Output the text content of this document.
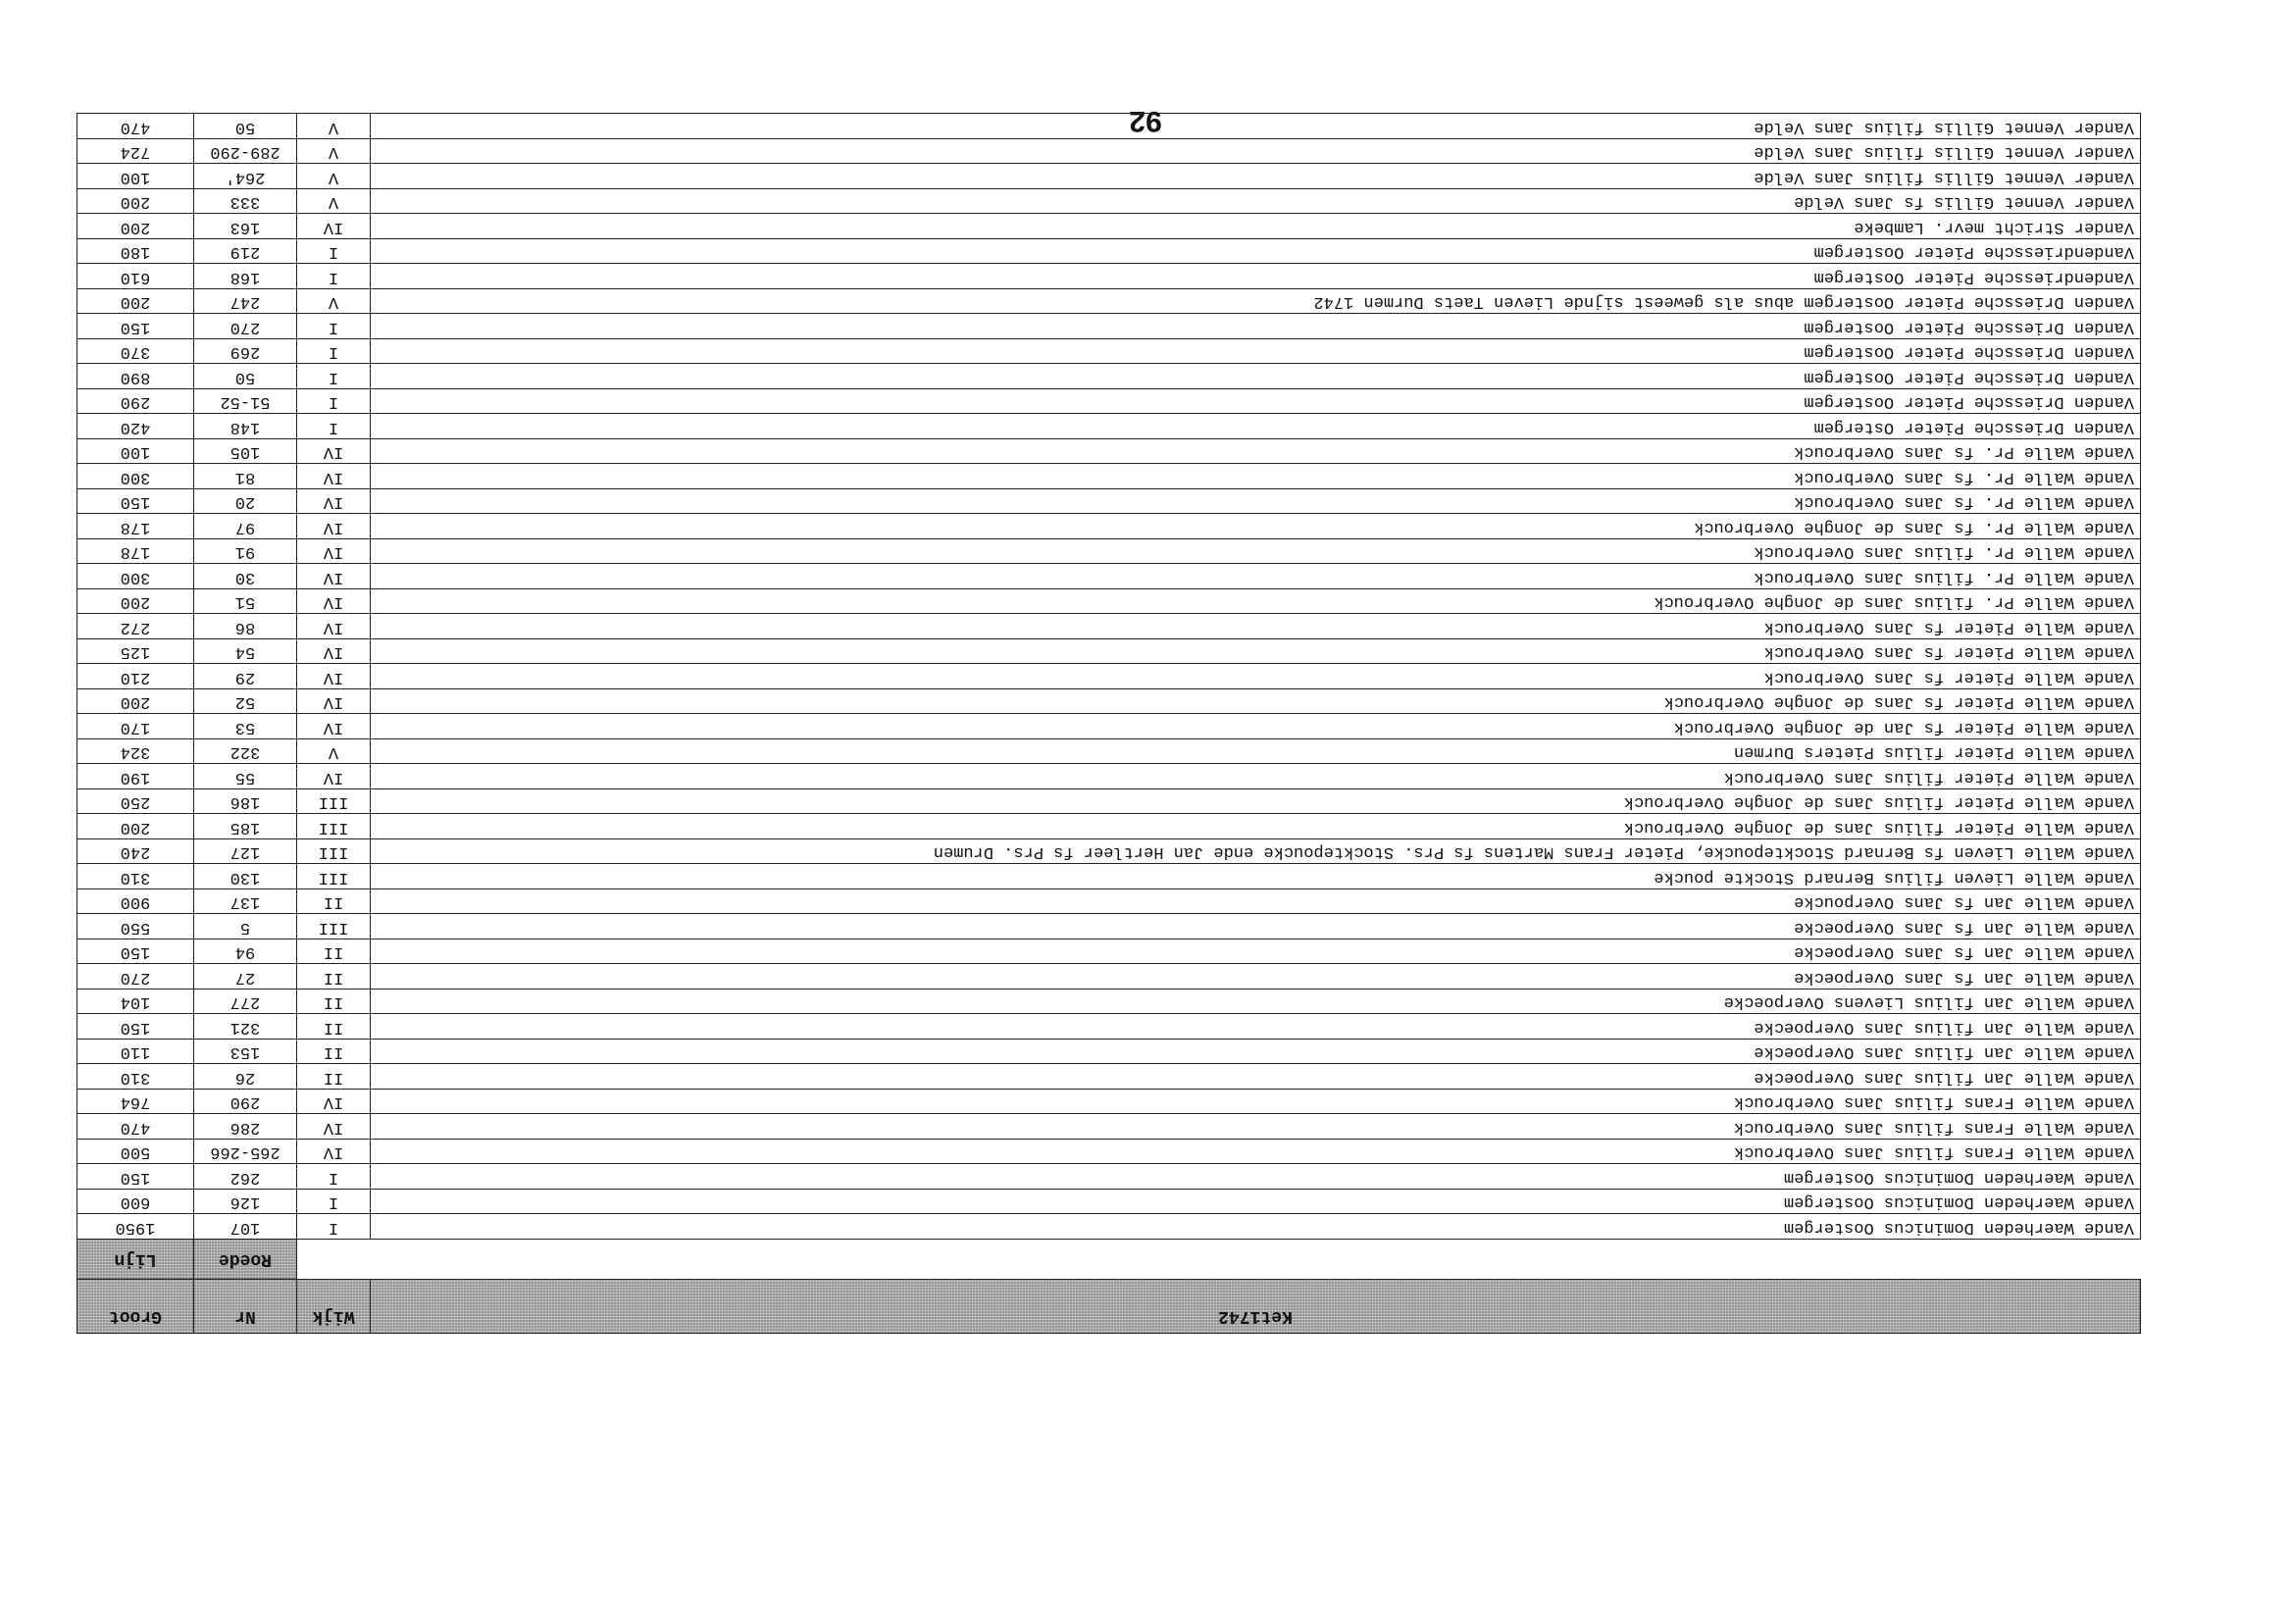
92
Ket1742	Wijk	Nr	Groot
		Roede	Lijn
Vande Waerheden Dominicus Oostergem	I	107	1950
Vande Waerheden Dominicus Oostergem	I	126	600
Vande Waerheden Dominicus Oostergem	I	262	150
Vande Walle Frans filius Jans Overbrouck	IV	265-266	500
Vande Walle Frans filius Jans Overbrouck	IV	286	470
Vande Walle Frans filius Jans Overbrouck	IV	290	764
Vande Walle Jan filius Jans Overpoecke	II	26	310
Vande Walle Jan filius Jans Overpoecke	II	153	110
Vande Walle Jan filius Jans Overpoecke	II	321	150
Vande Walle Jan filius Lievens Overpoecke	II	277	104
Vande Walle Jan fs Jans Overpoecke	II	27	270
Vande Walle Jan fs Jans Overpoecke	II	94	150
Vande Walle Jan fs Jans Overpoecke	III	5	550
Vande Walle Jan fs Jans Overpoucke	II	137	900
Vande Walle Lieven filius Bernard Stockte poucke	III	130	310
Vande Walle Lieven fs Bernard Stocktepoucke, Pieter Frans Martens fs Prs. Stocktepoucke ende Jan Hertleer fs Prs. Drumen	III	127	240
Vande Walle Pieter filius Jans de Jonghe Overbrouck	III	185	200
Vande Walle Pieter filius Jans de Jonghe Overbrouck	III	186	250
Vande Walle Pieter filius Jans Overbrouck	IV	55	190
Vande Walle Pieter filius Pieters Durmen	V	322	324
Vande Walle Pieter fs Jan de Jonghe Overbrouck	IV	53	170
Vande Walle Pieter fs Jans de Jonghe Overbrouck	IV	52	200
Vande Walle Pieter fs Jans Overbrouck	IV	29	210
Vande Walle Pieter fs Jans Overbrouck	IV	54	125
Vande Walle Pieter fs Jans Overbrouck	IV	86	272
Vande Walle Pr. filius Jans de Jonghe Overbrouck	IV	51	200
Vande Walle Pr. filius Jans Overbrouck	IV	30	300
Vande Walle Pr. filius Jans Overbrouck	IV	91	178
Vande Walle Pr. fs Jans de Jonghe Overbrouck	IV	97	178
Vande Walle Pr. fs Jans Overbrouck	IV	20	150
Vande Walle Pr. fs Jans Overbrouck	IV	81	300
Vande Walle Pr. fs Jans Overbrouck	IV	105	100
Vanden Driessche Pieter Ostergem	I	148	420
Vanden Driessche Pieter Oostergem	I	51-52	290
Vanden Driessche Pieter Oostergem	I	50	890
Vanden Driessche Pieter Oostergem	I	269	370
Vanden Driessche Pieter Oostergem	I	270	150
Vanden Driessche Pieter Oostergem abus als geweest sijnde Lieven Taets Durmen 1742	V	247	200
Vandendriessche Pieter Oostergem	I	168	610
Vandendriessche Pieter Oostergem	I	219	180
Vander Stricht mevr. Lambeke	IV	163	200
Vander Vennet Gillis fs Jans Velde	V	333	200
Vander Vennet Gillis filius Jans Velde	V	264'	100
Vander Vennet Gillis filius Jans Velde	V	289-290	724
Vander Vennet Gillis filius Jans Velde	V	50	470
